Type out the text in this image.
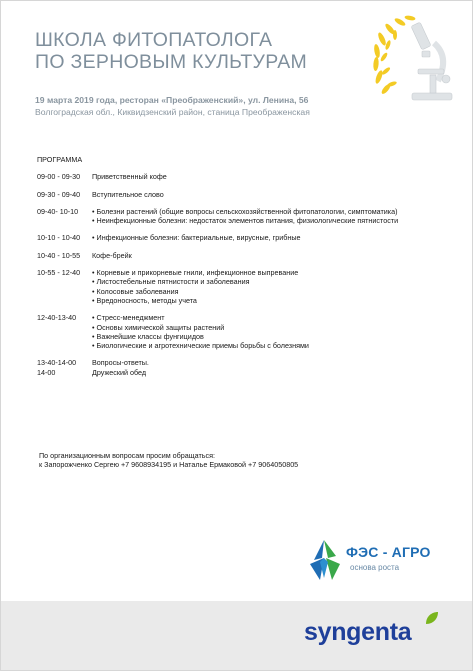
ШКОЛА ФИТОПАТОЛОГА
ПО ЗЕРНОВЫМ КУЛЬТУРАМ
19 марта 2019 года, ресторан «Преображенский», ул. Ленина, 56
Волгоградская обл., Киквидзенский район, станица Преображенская
ПРОГРАММА
09-00 - 09-30	Приветственный кофе
09-30 - 09-40	Вступительное слово
09-40- 10-10	• Болезни растений (общие вопросы сельскохозяйственной фитопатологии, симптоматика)
• Неинфекционные болезни: недостаток элементов питания, физиологические пятнистости
10-10 - 10-40	• Инфекционные болезни: бактериальные, вирусные, грибные
10-40 - 10-55	Кофе-брейк
10-55 - 12-40	• Корневые и прикорневые гнили, инфекционное выпревание
• Листостебельные пятнистости и заболевания
• Колосовые заболевания
• Вредоносность, методы учета
12-40-13-40	• Стресс-менеджмент
• Основы химической защиты растений
• Важнейшие классы фунгицидов
• Биологические и агротехнические приемы борьбы с болезнями
13-40-14-00	Вопросы-ответы.
14-00	Дружеский обед
По организационным вопросам просим обращаться:
к Запорожченко Сергею +7 9608934195 и Наталье Ермаковой +7 9064050805
ФЭС - АГРО
основа роста
syngenta
